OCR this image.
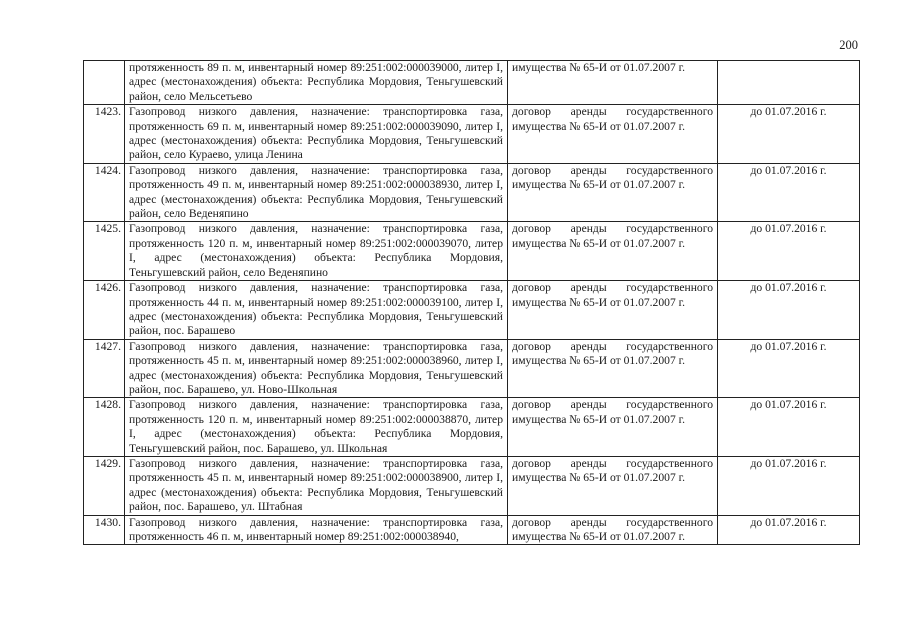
200
	протяженность 89 п. м, инвентарный номер 89:251:002:000039000, литер I, адрес (местонахождения) объекта: Республика Мордовия, Теньгушевский район, село Мельсетьево	имущества № 65-И от 01.07.2007 г.	
1423.	Газопровод низкого давления, назначение: транспортировка газа, протяженность 69 п. м, инвентарный номер 89:251:002:000039090, литер I, адрес (местонахождения) объекта: Республика Мордовия, Теньгушевский район, село Кураево, улица Ленина	договор аренды государственного имущества № 65-И от 01.07.2007 г.	до 01.07.2016 г.
1424.	Газопровод низкого давления, назначение: транспортировка газа, протяженность 49 п. м, инвентарный номер 89:251:002:000038930, литер I, адрес (местонахождения) объекта: Республика Мордовия, Теньгушевский район, село Веденяпино	договор аренды государственного имущества № 65-И от 01.07.2007 г.	до 01.07.2016 г.
1425.	Газопровод низкого давления, назначение: транспортировка газа, протяженность 120 п. м, инвентарный номер 89:251:002:000039070, литер I, адрес (местонахождения) объекта: Республика Мордовия, Теньгушевский район, село Веденяпино	договор аренды государственного имущества № 65-И от 01.07.2007 г.	до 01.07.2016 г.
1426.	Газопровод низкого давления, назначение: транспортировка газа, протяженность 44 п. м, инвентарный номер 89:251:002:000039100, литер I, адрес (местонахождения) объекта: Республика Мордовия, Теньгушевский район, пос. Барашево	договор аренды государственного имущества № 65-И от 01.07.2007 г.	до 01.07.2016 г.
1427.	Газопровод низкого давления, назначение: транспортировка газа, протяженность 45 п. м, инвентарный номер 89:251:002:000038960, литер I, адрес (местонахождения) объекта: Республика Мордовия, Теньгушевский район, пос. Барашево, ул. Ново-Школьная	договор аренды государственного имущества № 65-И от 01.07.2007 г.	до 01.07.2016 г.
1428.	Газопровод низкого давления, назначение: транспортировка газа, протяженность 120 п. м, инвентарный номер 89:251:002:000038870, литер I, адрес (местонахождения) объекта: Республика Мордовия, Теньгушевский район, пос. Барашево, ул. Школьная	договор аренды государственного имущества № 65-И от 01.07.2007 г.	до 01.07.2016 г.
1429.	Газопровод низкого давления, назначение: транспортировка газа, протяженность 45 п. м, инвентарный номер 89:251:002:000038900, литер I, адрес (местонахождения) объекта: Республика Мордовия, Теньгушевский район, пос. Барашево, ул. Штабная	договор аренды государственного имущества № 65-И от 01.07.2007 г.	до 01.07.2016 г.
1430.	Газопровод низкого давления, назначение: транспортировка газа, протяженность 46 п. м, инвентарный номер 89:251:002:000038940,	договор аренды государственного имущества № 65-И от 01.07.2007 г.	до 01.07.2016 г.
